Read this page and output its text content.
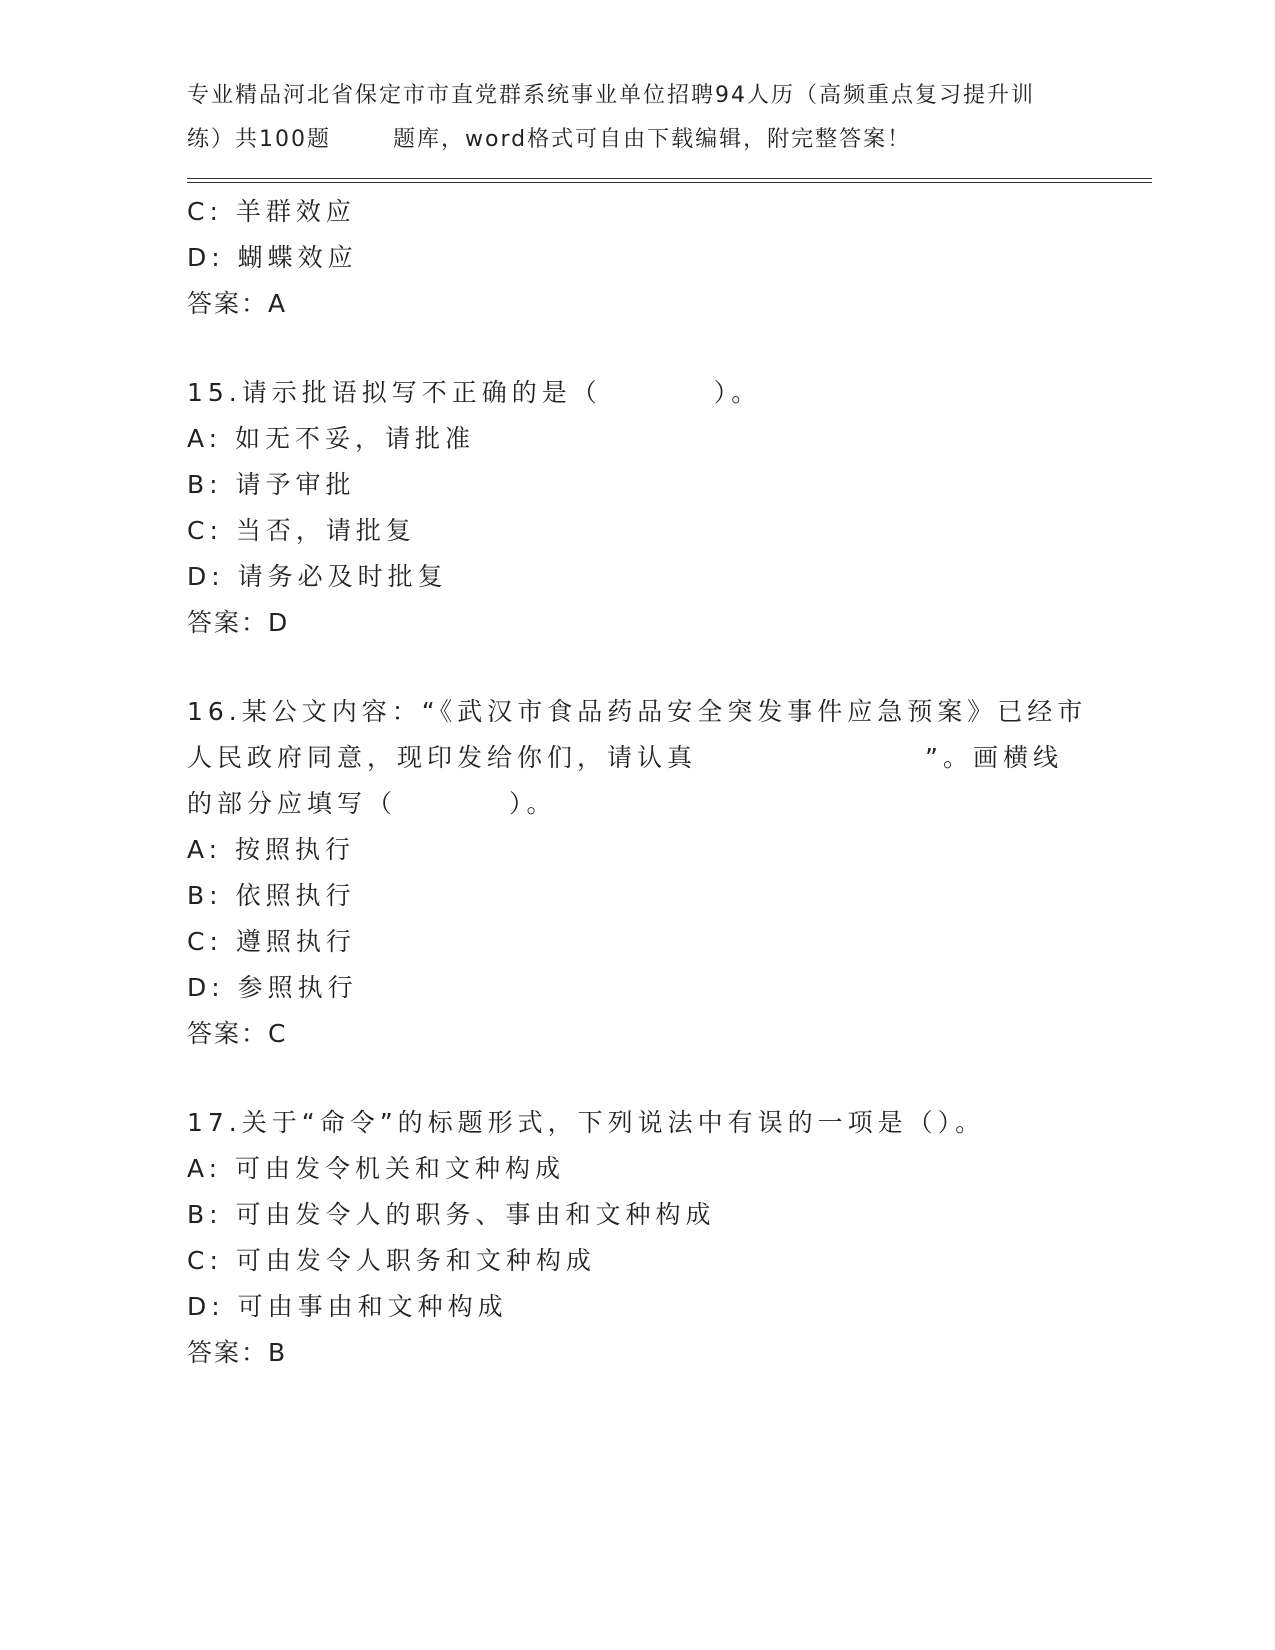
专业精品河北省保定市市直党群系统事业单位招聘94人历（高频重点复习提升训
练）共100题	题库，word格式可自由下载编辑，附完整答案！
C: 羊群效应
D: 蝴蝶效应
答案：A
15.请示批语拟写不正确的是（	）。
A: 如无不妥，请批准
B: 请予审批
C: 当否，请批复
D: 请务必及时批复
答案：D
16.某公文内容：“《武汉市食品药品安全突发事件应急预案》已经市
人民政府同意，现印发给你们，请认真	”。画横线
的部分应填写（	）。
A: 按照执行
B: 依照执行
C: 遵照执行
D: 参照执行
答案：C
17.关于“命令”的标题形式，下列说法中有误的一项是（）。
A: 可由发令机关和文种构成
B: 可由发令人的职务、事由和文种构成
C: 可由发令人职务和文种构成
D: 可由事由和文种构成
答案：B
